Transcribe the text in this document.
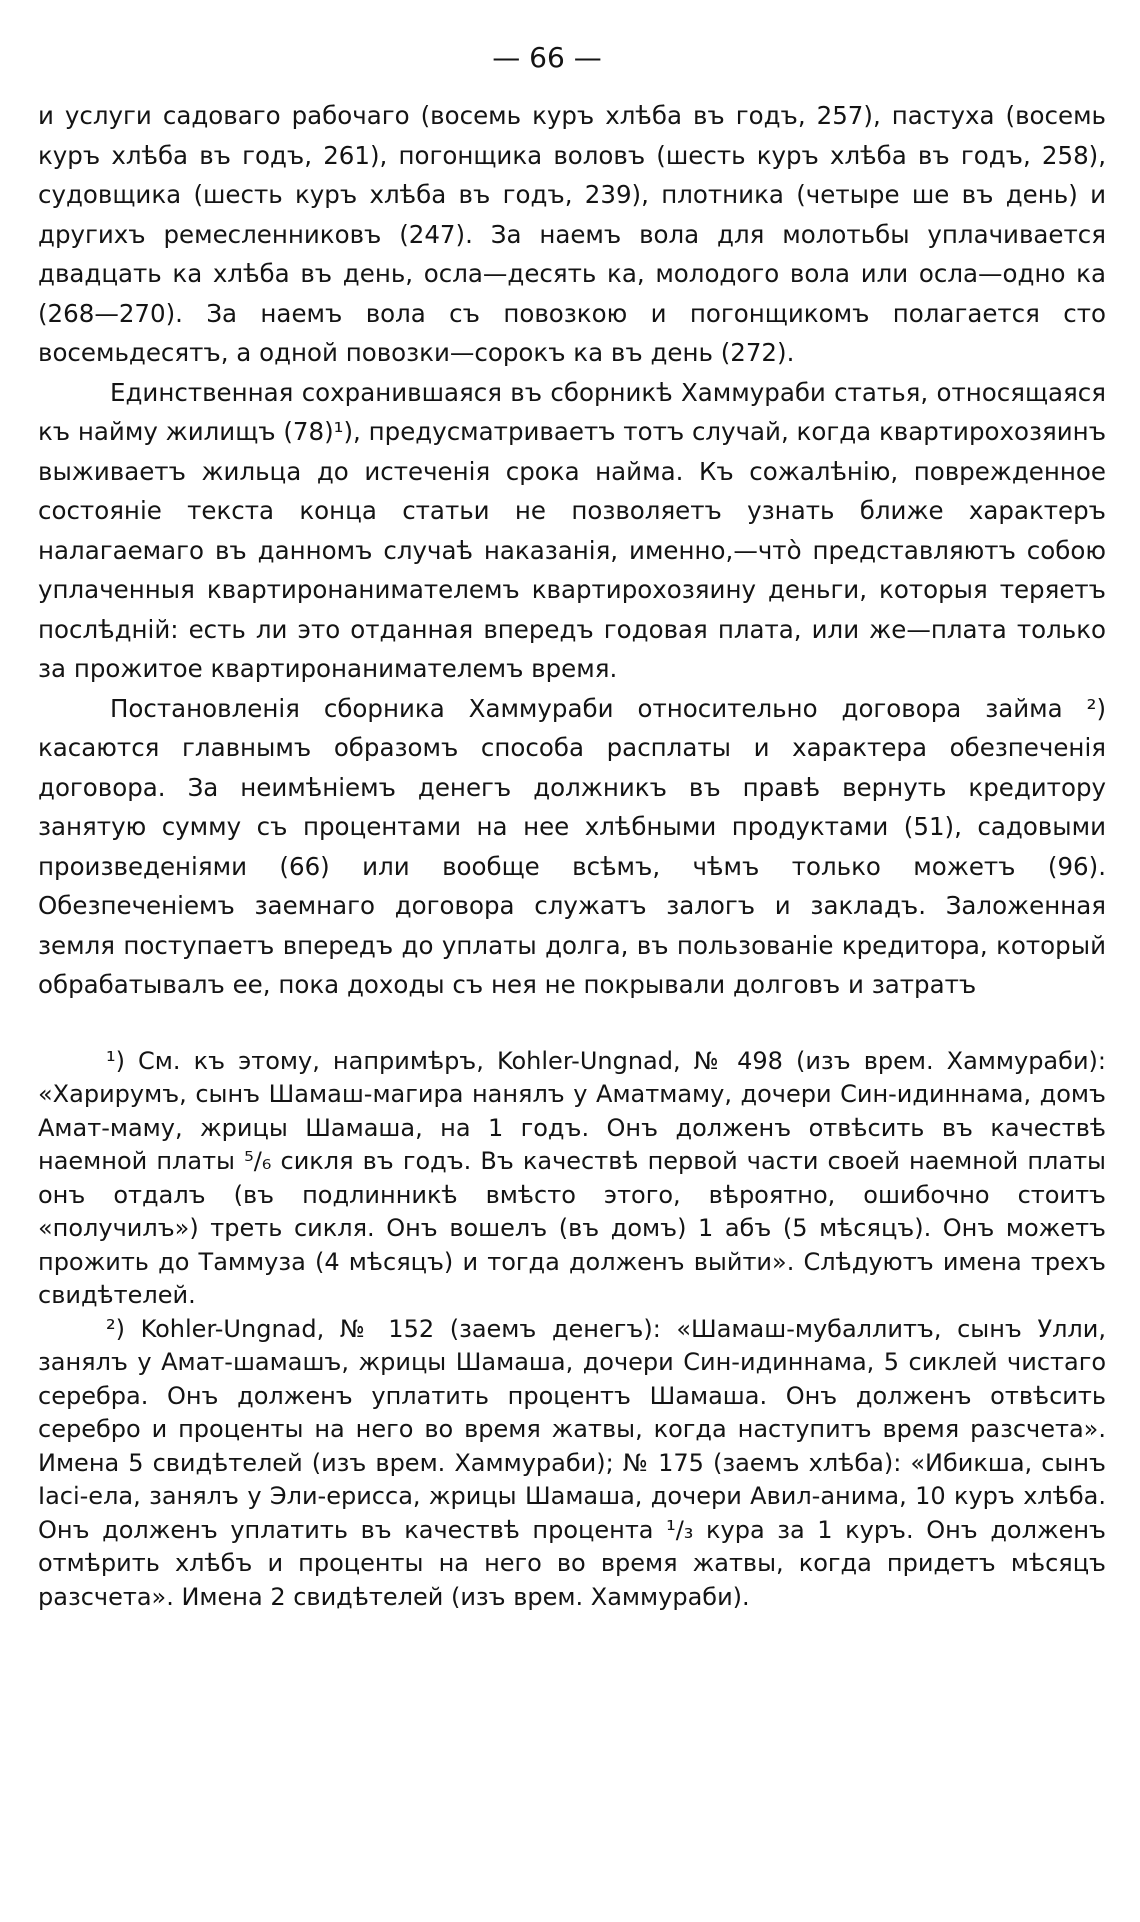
— 66 —

и услуги садоваго рабочаго (восемь куръ хлѣба въ годъ, 257), пастуха (восемь куръ хлѣба въ годъ, 261), погонщика воловъ (шесть куръ хлѣба въ годъ, 258), судовщика (шесть куръ хлѣба въ годъ, 239), плотника (четыре ше въ день) и другихъ ремесленниковъ (247). За наемъ вола для молотьбы уплачивается двадцать ка хлѣба въ день, осла—десять ка, молодого вола или осла—одно ка (268—270). За наемъ вола съ повозкою и погонщикомъ полагается сто восемьдесятъ, а одной повозки—сорокъ ка въ день (272).

Единственная сохранившаяся въ сборникѣ Хаммураби статья, относящаяся къ найму жилищъ (78)¹), предусматриваетъ тотъ случай, когда квартирохозяинъ выживаетъ жильца до истеченія срока найма. Къ сожалѣнію, поврежденное состояніе текста конца статьи не позволяетъ узнать ближе характеръ налагаемаго въ данномъ случаѣ наказанія, именно,—что̀ представляютъ собою уплаченныя квартиронанимателемъ квартирохозяину деньги, которыя теряетъ послѣдній: есть ли это отданная впередъ годовая плата, или же—плата только за прожитое квартиронанимателемъ время.

Постановленія сборника Хаммураби относительно договора займа ²) касаются главнымъ образомъ способа расплаты и характера обезпеченія договора. За неимѣніемъ денегъ должникъ въ правѣ вернуть кредитору занятую сумму съ процентами на нее хлѣбными продуктами (51), садовыми произведеніями (66) или вообще всѣмъ, чѣмъ только можетъ (96). Обезпеченіемъ заемнаго договора служатъ залогъ и закладъ. Заложенная земля поступаетъ впередъ до уплаты долга, въ пользованіе кредитора, который обрабатывалъ ее, пока доходы съ нея не покрывали долговъ и затратъ

¹) См. къ этому, напримѣръ, Kohler-Ungnad, № 498 (изъ врем. Хаммураби): «Харирумъ, сынъ Шамаш-магира нанялъ у Аматмаму, дочери Син-идиннама, домъ Амат-маму, жрицы Шамаша, на 1 годъ. Онъ долженъ отвѣсить въ качествѣ наемной платы ⁵/₆ сикля въ годъ. Въ качествѣ первой части своей наемной платы онъ отдалъ (въ подлинникѣ вмѣсто этого, вѣроятно, ошибочно стоитъ «получилъ») треть сикля. Онъ вошелъ (въ домъ) 1 абъ (5 мѣсяцъ). Онъ можетъ прожить до Таммуза (4 мѣсяцъ) и тогда долженъ выйти». Слѣдуютъ имена трехъ свидѣтелей.

²) Kohler-Ungnad, № 152 (заемъ денегъ): «Шамаш-мубаллитъ, сынъ Улли, занялъ у Амат-шамашъ, жрицы Шамаша, дочери Син-идиннама, 5 сиклей чистаго серебра. Онъ долженъ уплатить процентъ Шамаша. Онъ долженъ отвѣсить серебро и проценты на него во время жатвы, когда наступитъ время разсчета». Имена 5 свидѣтелей (изъ врем. Хаммураби); № 175 (заемъ хлѣба): «Ибикша, сынъ Іасі-ела, занялъ у Эли-ерисса, жрицы Шамаша, дочери Авил-анима, 10 куръ хлѣба. Онъ долженъ уплатить въ качествѣ процента ¹/₃ кура за 1 куръ. Онъ долженъ отмѣрить хлѣбъ и проценты на него во время жатвы, когда придетъ мѣсяцъ разсчета». Имена 2 свидѣтелей (изъ врем. Хаммураби).
